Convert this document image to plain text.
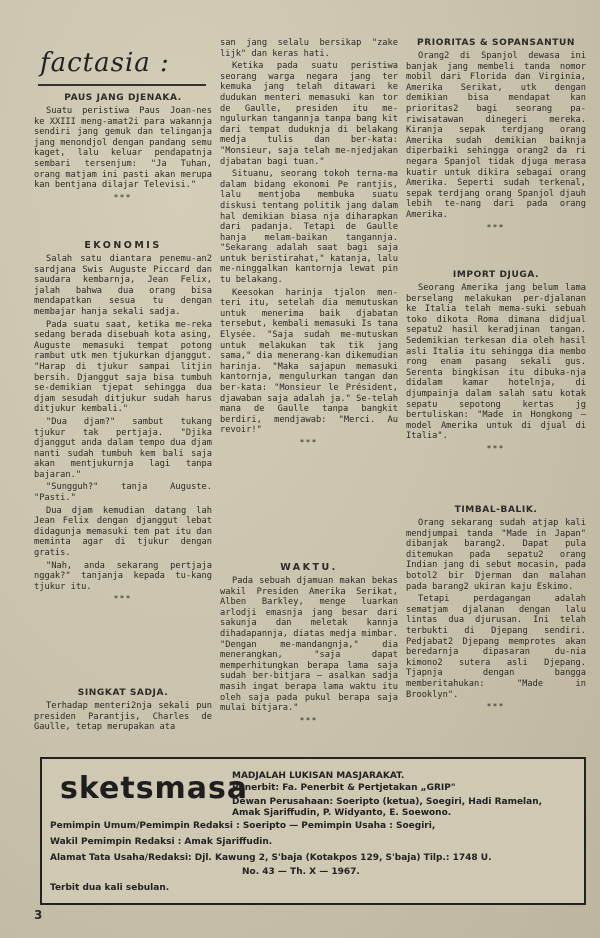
factasia :
PAUS JANG DJENAKA.

Suatu peristiwa Paus Joan-nes ke XXIII meng-amat2i para wakannja sendiri jang gemuk dan telinganja jang menondjol dengan pandang semu kaget, lalu keluar pendapatnja sembari tersenjum: "Ja Tuhan, orang matjam ini pasti akan merupa kan bentjana dilajar Televisi."

***
EKONOMIS

Salah satu diantara penemu-an2 sardjana Swis Auguste Piccard dan saudara kembarnja, Jean Felix, jalah bahwa dua orang bisa mendapatkan sesua tu dengan membajar hanja sekali sadja.

Pada suatu saat, ketika me-reka sedang berada disebuah kota asing, Auguste memasuki tempat potong rambut utk men tjukurkan djanggut. "Harap di tjukur sampai litjin bersih. Djanggut saja bisa tumbuh se-demikian tjepat sehingga dua djam sesudah ditjukur sudah harus ditjukur kembali."

"Dua djam?" sambut tukang tjukur tak pertjaja. "Djika djanggut anda dalam tempo dua djam nanti sudah tumbuh kem bali saja akan mentjukurnja lagi tanpa bajaran."

"Sungguh?" tanja Auguste. "Pasti."

Dua djam kemudian datang lah Jean Felix dengan djanggut lebat didagunja memasuki tem pat itu dan meminta agar di tjukur dengan gratis.

"Nah, anda sekarang pertjaja nggak?" tanjanja kepada tu-kang tjukur itu.

***
SINGKAT SADJA.

Terhadap menteri2nja sekali pun presiden Parantjis, Charles de Gaulle, tetap merupakan ata

san jang selalu bersikap "zake lijk" dan keras hati.

Ketika pada suatu peristiwa seorang warga negara jang ter kemuka jang telah ditawari ke dudukan menteri memasuki kan tor de Gaulle, presiden itu me-ngulurkan tangannja tanpa bang kit dari tempat duduknja di belakang medja tulis dan ber-kata: "Monsieur, saja telah me-njedjakan djabatan bagi tuan."

Situanu, seorang tokoh terna-ma dalam bidang ekonomi Pe rantjis, lalu mentjoba membuka suatu diskusi tentang politik jang dalam hal demikian biasa nja diharapkan dari padanja. Tetapi de Gaulle hanja melam-baikan tangannja. "Sekarang adalah saat bagi saja untuk beristirahat," katanja, lalu me-ninggalkan kantornja lewat pin tu belakang.

Keesokan harinja tjalon men-teri itu, setelah dia memutuskan untuk menerima baik djabatan tersebut, kembali memasuki Is tana Elysée. "Saja sudah me-mutuskan untuk melakukan tak tik jang sama," dia menerang-kan dikemudian harinja. "Maka sajapun memasuki kantornja, mengulurkan tangan dan ber-kata: "Monsieur le Président, djawaban saja adalah ja." Se-telah mana de Gaulle tanpa bangkit berdiri, mendjawab: "Merci. Au revoir!"

***
WAKTU.

Pada sebuah djamuan makan bekas wakil Presiden Amerika Serikat, Alben Barkley, menge luarkan arlodji emasnja jang besar dari sakunja dan meletak kannja dihadapannja, diatas medja mimbar. "Dengan me-mandangnja," dia menerangkan, "saja dapat memperhitungkan berapa lama saja sudah ber-bitjara — asalkan sadja masih ingat berapa lama waktu itu oleh saja pada pukul berapa saja mulai bitjara."

***
PRIORITAS & SOPANSANTUN

Orang2 di Spanjol dewasa ini banjak jang membeli tanda nomor mobil dari Florida dan Virginia, Amerika Serikat, utk dengan demikian bisa mendapat kan prioritas2 bagi seorang pa-riwisatawan dinegeri mereka. Kiranja sepak terdjang orang Amerika sudah demikian baiknja diperbaiki sehingga orang2 da ri negara Spanjol tidak djuga merasa kuatir untuk dikira sebagai orang Amerika. Seperti sudah terkenal, sepak terdjang orang Spanjol djauh lebih te-nang dari pada orang Amerika.

***
IMPORT DJUGA.

Seorang Amerika jang belum lama berselang melakukan per-djalanan ke Italia telah mema-suki sebuah toko dikota Roma dimana didjual sepatu2 hasil keradjinan tangan. Sedemikian terkesan dia oleh hasil asli Italia itu sehingga dia membo rong enam pasang sekali gus. Serenta bingkisan itu dibuka-nja didalam kamar hotelnja, di djumpainja dalam salah satu kotak sepatu sepotong kertas jg bertuliskan: "Made in Hongkong — model Amerika untuk di djual di Italia".

***
TIMBAL-BALIK.

Orang sekarang sudah atjap kali mendjumpai tanda "Made in Japan" dibanjak barang2. Dapat pula ditemukan pada sepatu2 orang Indian jang di sebut mocasin, pada botol2 bir Djerman dan malahan pada barang2 ukiran kaju Eskimo.

Tetapi perdagangan adalah sematjam djalanan dengan lalu lintas dua djurusan. Ini telah terbukti di Djepang sendiri. Pedjabat2 Djepang memprotes akan beredarnja dipasaran du-nia kimono2 sutera asli Djepang. Tjapnja dengan bangga memberitahukan: "Made in Brooklyn".

***
sketsmasa
MADJALAH LUKISAN MASJARAKAT.
Penerbit: Fa. Penerbit & Pertjetakan „GRIP"
Dewan Perusahaan: Soeripto (ketua), Soegiri, Hadi Ramelan,
Amak Sjariffudin, P. Widyanto, E. Soewono.
Pemimpin Umum/Pemimpin Redaksi : Soeripto — Pemimpin Usaha : Soegiri,
Wakil Pemimpin Redaksi : Amak Sjariffudin.
Alamat Tata Usaha/Redaksi: Djl. Kawung 2, S'baja (Kotakpos 129, S'baja) Tilp.: 1748 U.
No. 43 — Th. X — 1967.
Terbit dua kali sebulan.
3
